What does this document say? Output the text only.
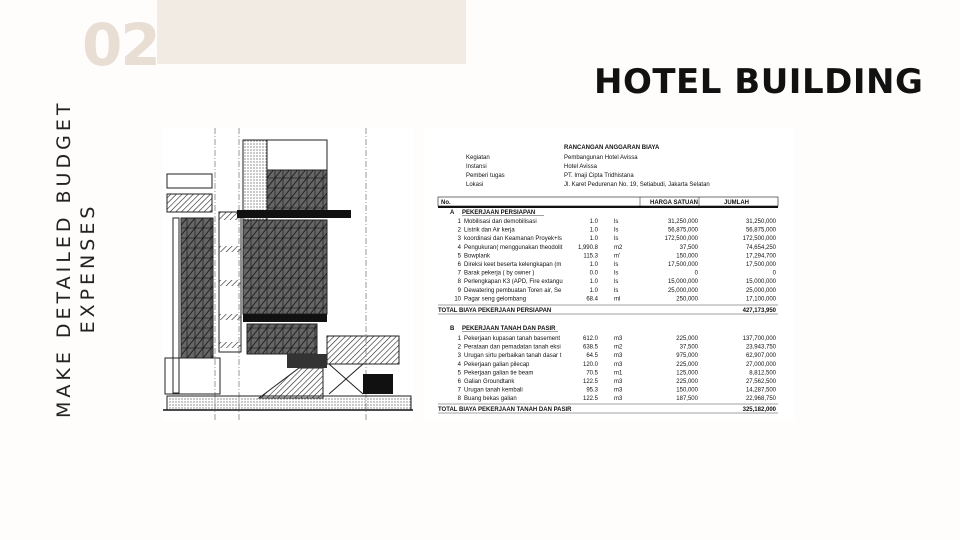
02
HOTEL BUILDING
MAKE DETAILED BUDGET EXPENSES
RANCANGAN ANGGARAN BIAYA
Kegiatan	Pembangunan Hotel Avissa
Instansi	Hotel Avissa
Pemberi tugas	PT. Imaji Cipta Tridhistana
Lokasi	Jl. Karet Pedurenan No. 19, Setiabudi, Jakarta Selatan
No.	HARGA SATUAN	JUMLAH
A PEKERJAAN PERSIAPAN
1 Mobilisasi dan demobilisasi	1.0	ls	31,250,000	31,250,000
2 Listrik dan Air kerja	1.0	ls	56,875,000	56,875,000
3 koordinasi dan Keamanan Proyek+ls	1.0	ls	172,500,000	172,500,000
4 Pengukuran( menggunakan theodolit	1,990.8	m2	37,500	74,654,250
5 Bowplank	115.3	m'	150,000	17,294,700
6 Direksi keet beserta kelengkapan (m	1.0	ls	17,500,000	17,500,000
7 Barak pekerja ( by owner )	0.0	ls	0	0
8 Perlengkapan K3 (APD, Fire extangu	1.0	ls	15,000,000	15,000,000
9 Dewatering pembuatan Toren air, Se	1.0	ls	25,000,000	25,000,000
10 Pagar seng gelombang	68.4	ml	250,000	17,100,000
TOTAL BIAYA PEKERJAAN PERSIAPAN	427,173,950
B PEKERJAAN TANAH DAN PASIR
1 Pekerjaan kupasan tanah basement	612.0	m3	225,000	137,700,000
2 Perataan dan pemadatan tanah eksi	638.5	m2	37,500	23,943,750
3 Urugan sirtu perbaikan tanah dasar t	64.5	m3	975,000	62,907,000
4 Pekerjaan galian pilecap	120.0	m3	225,000	27,000,000
5 Pekerjaan galian tie beam	70.5	m1	125,000	8,812,500
6 Galian Groundtank	122.5	m3	225,000	27,562,500
7 Urugan tanah kembali	95.3	m3	150,000	14,287,500
8 Buang bekas galian	122.5	m3	187,500	22,968,750
TOTAL BIAYA PEKERJAAN TANAH DAN PASIR	325,182,000
